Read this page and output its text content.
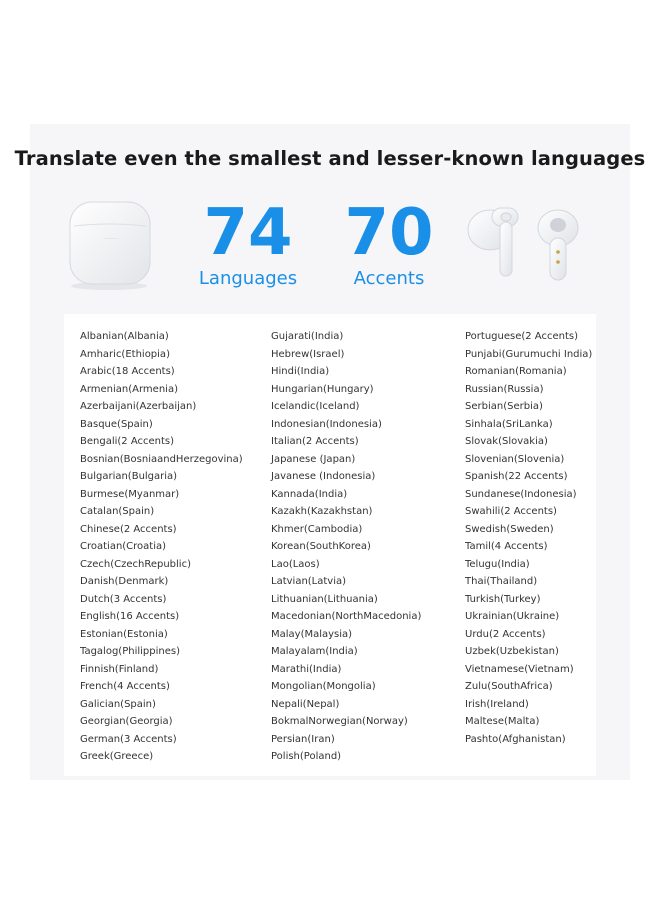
Translate even the smallest and lesser-known languages
········· 74
Languages
70
Accents
Albanian(Albania)
Amharic(Ethiopia)
Arabic(18 Accents)
Armenian(Armenia)
Azerbaijani(Azerbaijan)
Basque(Spain)
Bengali(2 Accents)
Bosnian(BosniaandHerzegovina)
Bulgarian(Bulgaria)
Burmese(Myanmar)
Catalan(Spain)
Chinese(2 Accents)
Croatian(Croatia)
Czech(CzechRepublic)
Danish(Denmark)
Dutch(3 Accents)
English(16 Accents)
Estonian(Estonia)
Tagalog(Philippines)
Finnish(Finland)
French(4 Accents)
Galician(Spain)
Georgian(Georgia)
German(3 Accents)
Greek(Greece)
Gujarati(India)
Hebrew(Israel)
Hindi(India)
Hungarian(Hungary)
Icelandic(Iceland)
Indonesian(Indonesia)
Italian(2 Accents)
Japanese (Japan)
Javanese (Indonesia)
Kannada(India)
Kazakh(Kazakhstan)
Khmer(Cambodia)
Korean(SouthKorea)
Lao(Laos)
Latvian(Latvia)
Lithuanian(Lithuania)
Macedonian(NorthMacedonia)
Malay(Malaysia)
Malayalam(India)
Marathi(India)
Mongolian(Mongolia)
Nepali(Nepal)
BokmalNorwegian(Norway)
Persian(Iran)
Polish(Poland)
Portuguese(2 Accents)
Punjabi(Gurumuchi India)
Romanian(Romania)
Russian(Russia)
Serbian(Serbia)
Sinhala(SriLanka)
Slovak(Slovakia)
Slovenian(Slovenia)
Spanish(22 Accents)
Sundanese(Indonesia)
Swahili(2 Accents)
Swedish(Sweden)
Tamil(4 Accents)
Telugu(India)
Thai(Thailand)
Turkish(Turkey)
Ukrainian(Ukraine)
Urdu(2 Accents)
Uzbek(Uzbekistan)
Vietnamese(Vietnam)
Zulu(SouthAfrica)
Irish(Ireland)
Maltese(Malta)
Pashto(Afghanistan)
